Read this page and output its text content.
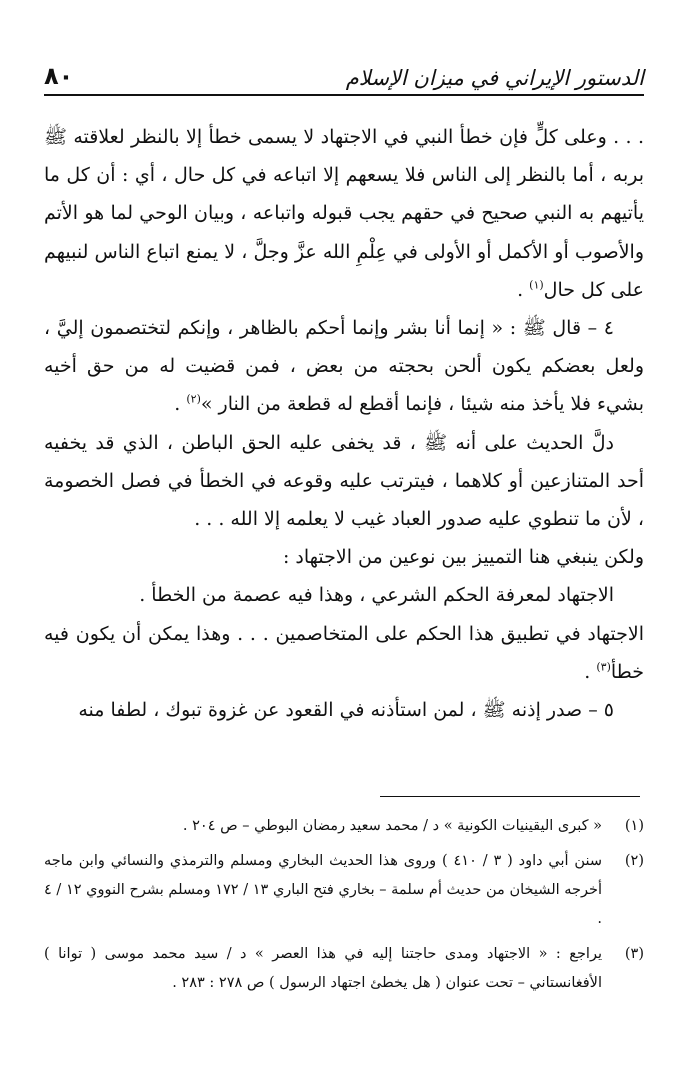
٨٠	الدستور الإيراني في ميزان الإسلام

. . . وعلى كلٍّ فإن خطأ النبي في الاجتهاد لا يسمى خطأ إلا بالنظر لعلاقته ﷺ بربه ، أما بالنظر إلى الناس فلا يسعهم إلا اتباعه في كل حال ، أي : أن كل ما يأتيهم به النبي صحيح في حقهم يجب قبوله واتباعه ، وبيان الوحي لما هو الأتم والأصوب أو الأكمل أو الأولى في عِلْمِ الله عزَّ وجلَّ ، لا يمنع اتباع الناس لنبيهم على كل حال$^{(١)}$ .

٤ – قال ﷺ : « إنما أنا بشر وإنما أحكم بالظاهر ، وإنكم لتختصمون إليَّ ، ولعل بعضكم يكون ألحن بحجته من بعض ، فمن قضيت له من حق أخيه بشيء فلا يأخذ منه شيئا ، فإنما أقطع له قطعة من النار »$^{(٢)}$ .

دلَّ الحديث على أنه ﷺ ، قد يخفى عليه الحق الباطن ، الذي قد يخفيه أحد المتنازعين أو كلاهما ، فيترتب عليه وقوعه في الخطأ في فصل الخصومة ، لأن ما تنطوي عليه صدور العباد غيب لا يعلمه إلا الله . . .

ولكن ينبغي هنا التمييز بين نوعين من الاجتهاد :

الاجتهاد لمعرفة الحكم الشرعي ، وهذا فيه عصمة من الخطأ .

الاجتهاد في تطبيق هذا الحكم على المتخاصمين . . . وهذا يمكن أن يكون فيه خطأ$^{(٣)}$ .

٥ – صدر إذنه ﷺ ، لمن استأذنه في القعود عن غزوة تبوك ، لطفا منه

(١)
« كبرى اليقينيات الكونية » د / محمد سعيد رمضان البوطي – ص ٢٠٤ .
(٢)
سنن أبي داود ( ٣ / ٤١٠ ) وروى هذا الحديث البخاري ومسلم والترمذي والنسائي وابن ماجه أخرجه الشيخان من حديث أم سلمة – بخاري فتح الباري ١٣ / ١٧٢ ومسلم بشرح النووي ١٢ / ٤ .
(٣)
يراجع : « الاجتهاد ومدى حاجتنا إليه في هذا العصر » د / سيد محمد موسى ( توانا ) الأفغانستاني – تحت عنوان ( هل يخطئ اجتهاد الرسول ) ص ٢٧٨ : ٢٨٣ .
